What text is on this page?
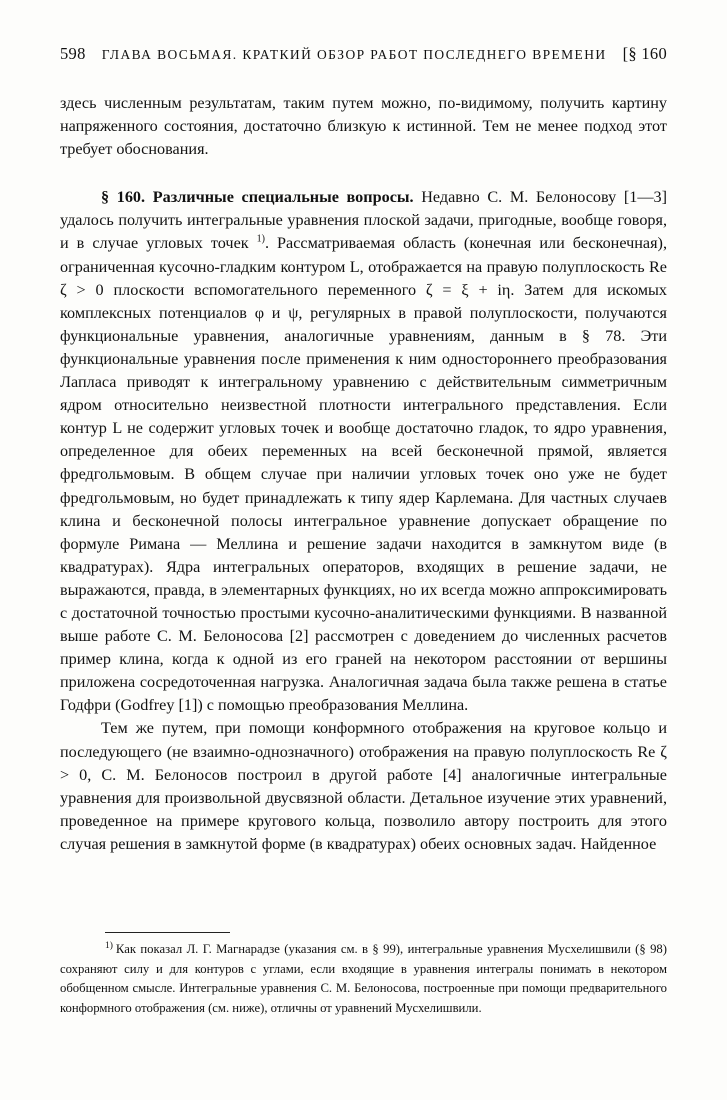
598	ГЛАВА ВОСЬМАЯ. КРАТКИЙ ОБЗОР РАБОТ ПОСЛЕДНЕГО ВРЕМЕНИ [§ 160

здесь численным результатам, таким путем можно, по-видимому, получить картину напряженного состояния, достаточно близкую к истинной. Тем не менее подход этот требует обоснования.

§ 160. Различные специальные вопросы. Недавно С. М. Белоносову [1—3] удалось получить интегральные уравнения плоской задачи, пригодные, вообще говоря, и в случае угловых точек $^{1)}$. Рассматриваемая область (конечная или бесконечная), ограниченная кусочно-гладким контуром L, отображается на правую полуплоскость Re ζ > 0 плоскости вспомогательного переменного ζ = ξ + iη. Затем для искомых комплексных потенциалов φ и ψ, регулярных в правой полуплоскости, получаются функциональные уравнения, аналогичные уравнениям, данным в § 78. Эти функциональные уравнения после применения к ним одностороннего преобразования Лапласа приводят к интегральному уравнению с действительным симметричным ядром относительно неизвестной плотности интегрального представления. Если контур L не содержит угловых точек и вообще достаточно гладок, то ядро уравнения, определенное для обеих переменных на всей бесконечной прямой, является фредгольмовым. В общем случае при наличии угловых точек оно уже не будет фредгольмовым, но будет принадлежать к типу ядер Карлемана. Для частных случаев клина и бесконечной полосы интегральное уравнение допускает обращение по формуле Римана — Меллина и решение задачи находится в замкнутом виде (в квадратурах). Ядра интегральных операторов, входящих в решение задачи, не выражаются, правда, в элементарных функциях, но их всегда можно аппроксимировать с достаточной точностью простыми кусочно-аналитическими функциями. В названной выше работе С. М. Белоносова [2] рассмотрен с доведением до численных расчетов пример клина, когда к одной из его граней на некотором расстоянии от вершины приложена сосредоточенная нагрузка. Аналогичная задача была также решена в статье Годфри (Godfrey [1]) с помощью преобразования Меллина.

Тем же путем, при помощи конформного отображения на круговое кольцо и последующего (не взаимно-однозначного) отображения на правую полуплоскость Re ζ > 0, С. М. Белоносов построил в другой работе [4] аналогичные интегральные уравнения для произвольной двусвязной области. Детальное изучение этих уравнений, проведенное на примере кругового кольца, позволило автору построить для этого случая решения в замкнутой форме (в квадратурах) обеих основных задач. Найденное

$^{1)}$ Как показал Л. Г. Магнарадзе (указания см. в § 99), интегральные уравнения Мусхелишвили (§ 98) сохраняют силу и для контуров с углами, если входящие в уравнения интегралы понимать в некотором обобщенном смысле. Интегральные уравнения С. М. Белоносова, построенные при помощи предварительного конформного отображения (см. ниже), отличны от уравнений Мусхелишвили.
